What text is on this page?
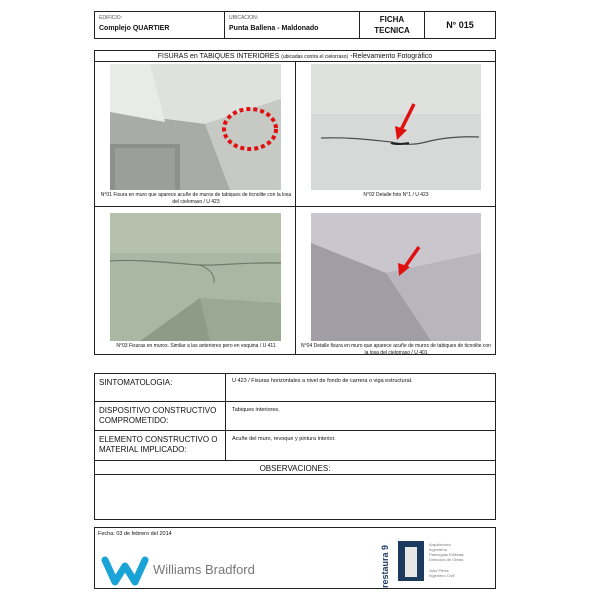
EDIFICIO:
Complejo QUARTIER
UBICACION:
Punta Ballena - Maldonado
FICHA TECNICA
N° 015
FISURAS en TABIQUES INTERIORES (ubicadas contra el cielorraso) -Relevamiento Fotográfico
N°01 Fisura en muro que aparece acuñe de muros de tabiques de ticnolite con la losa del cielorraso / U 423
N°02 Detalle foto N°1 / U 423
N°03 Fisuras en muros. Similar a las anteriores pero en esquina / U 411	N°04 Detalle fisura en muro que aparece acuñe de muros de tabiques de ticnolite con la losa del cielorraso / U 401
SINTOMATOLOGIA:	U 423 / Fisuras horizontales a nivel de fondo de carrera o viga estructural.
DISPOSITIVO CONSTRUCTIVO COMPROMETIDO:
Tabiques interiores.
ELEMENTO CONSTRUCTIVO O MATERIAL IMPLICADO:
Acuñe del muro, revoque y pintura interior.
OBSERVACIONES:
Fecha: 03 de febrero del 2014
Williams Bradford	restaura 9
Arquitectura
Ingeniería
Patologías Edilicias
Dirección de Obras
Julio Pérez
Ingeniero Civil
